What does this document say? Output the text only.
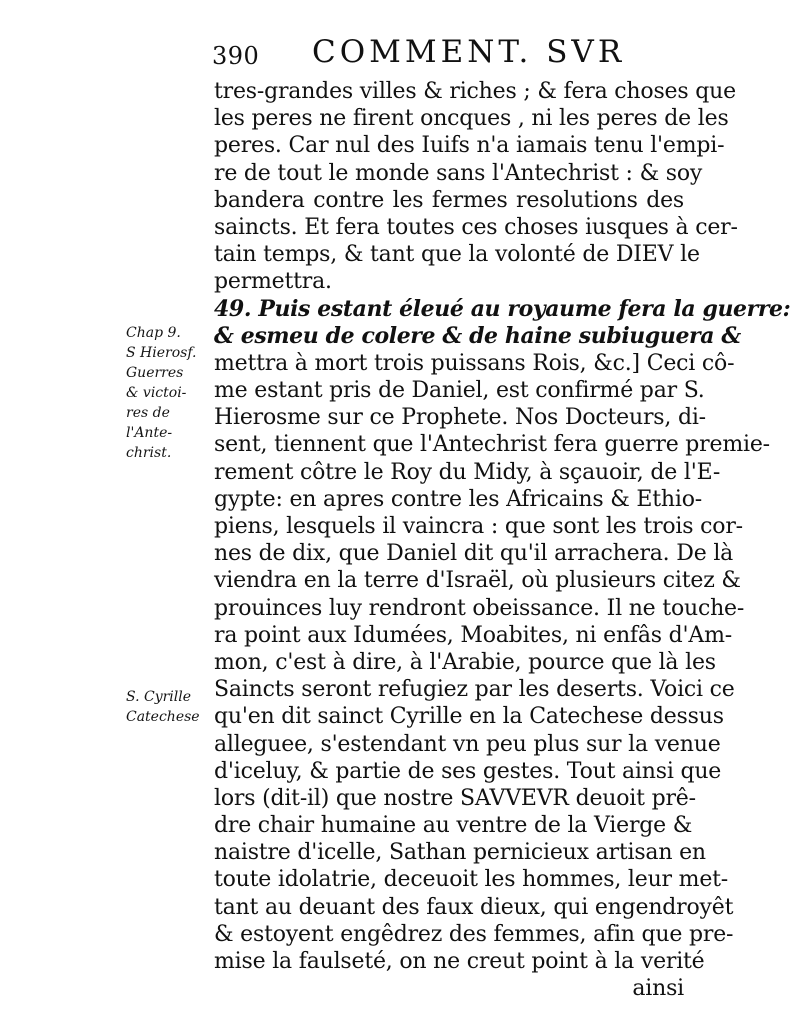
390 COMMENT. SVR
tres-grandes villes & riches ; & fera choses que
les peres ne firent oncques , ni les peres de les
peres. Car nul des Iuifs n'a iamais tenu l'empi-
re de tout le monde sans l'Antechrist : & soy
bandera contre les fermes resolutions des
saincts. Et fera toutes ces choses iusques à cer-
tain temps, & tant que la volonté de DIEV le
permettra.
49. Puis estant éleué au royaume fera la guerre:
& esmeu de colere & de haine subiuguera &
mettra à mort trois puissans Rois, &c.] Ceci cô-
me estant pris de Daniel, est confirmé par S.
Hierosme sur ce Prophete. Nos Docteurs, di-
sent, tiennent que l'Antechrist fera guerre premie-
rement côtre le Roy du Midy, à sçauoir, de l'E-
gypte: en apres contre les Africains & Ethio-
piens, lesquels il vaincra : que sont les trois cor-
nes de dix, que Daniel dit qu'il arrachera. De là
viendra en la terre d'Israël, où plusieurs citez &
prouinces luy rendront obeissance. Il ne touche-
ra point aux Idumées, Moabites, ni enfâs d'Am-
mon, c'est à dire, à l'Arabie, pource que là les
Saincts seront refugiez par les deserts. Voici ce
qu'en dit sainct Cyrille en la Catechese dessus
alleguee, s'estendant vn peu plus sur la venue
d'iceluy, & partie de ses gestes. Tout ainsi que
lors (dit-il) que nostre SAVVEVR deuoit prê-
dre chair humaine au ventre de la Vierge &
naistre d'icelle, Sathan pernicieux artisan en
toute idolatrie, deceuoit les hommes, leur met-
tant au deuant des faux dieux, qui engendroyêt
& estoyent engêdrez des femmes, afin que pre-
mise la faulseté, on ne creut point à la verité
ainsi
Chap 9.
S Hierosf.
Guerres
& victoi-
res de
l'Ante-
christ.
S. Cyrille
Catechese
